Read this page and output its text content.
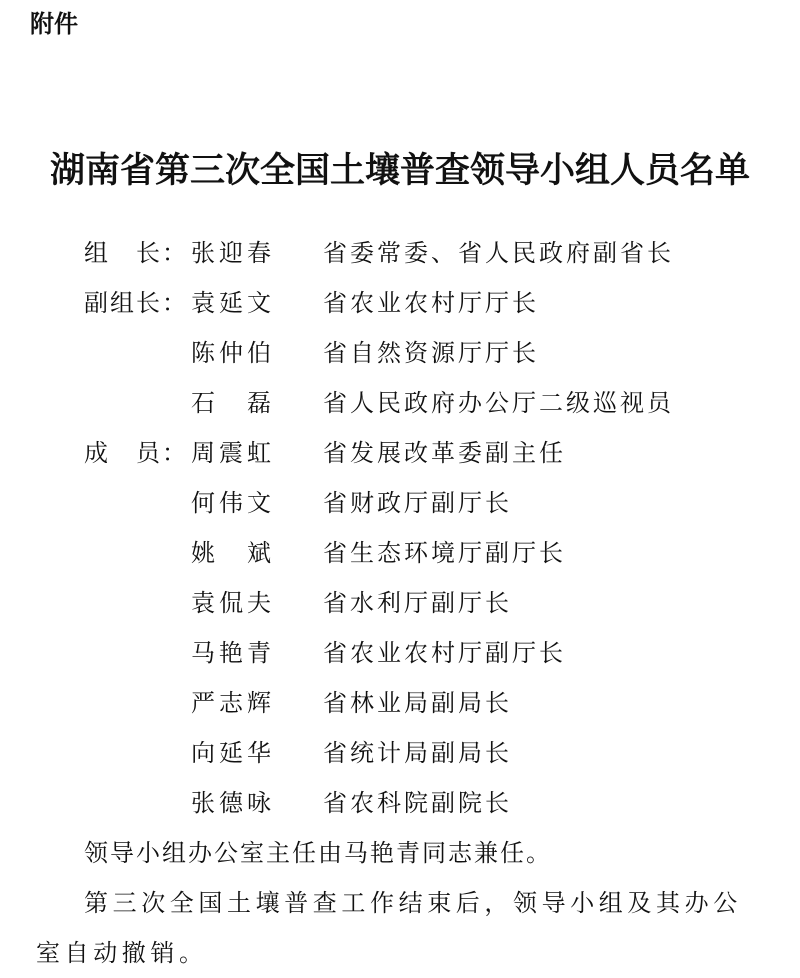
附件
湖南省第三次全国土壤普查领导小组人员名单
组　长： 张迎春	省委常委、省人民政府副省长
副组长： 袁延文	省农业农村厅厅长
陈仲伯	省自然资源厅厅长
石　磊	省人民政府办公厅二级巡视员
成　员： 周震虹	省发展改革委副主任
何伟文	省财政厅副厅长
姚　斌	省生态环境厅副厅长
袁侃夫	省水利厅副厅长
马艳青	省农业农村厅副厅长
严志辉	省林业局副局长
向延华	省统计局副局长
张德咏	省农科院副院长

领导小组办公室主任由马艳青同志兼任。

第三次全国土壤普查工作结束后，领导小组及其办公室自动撤销。
